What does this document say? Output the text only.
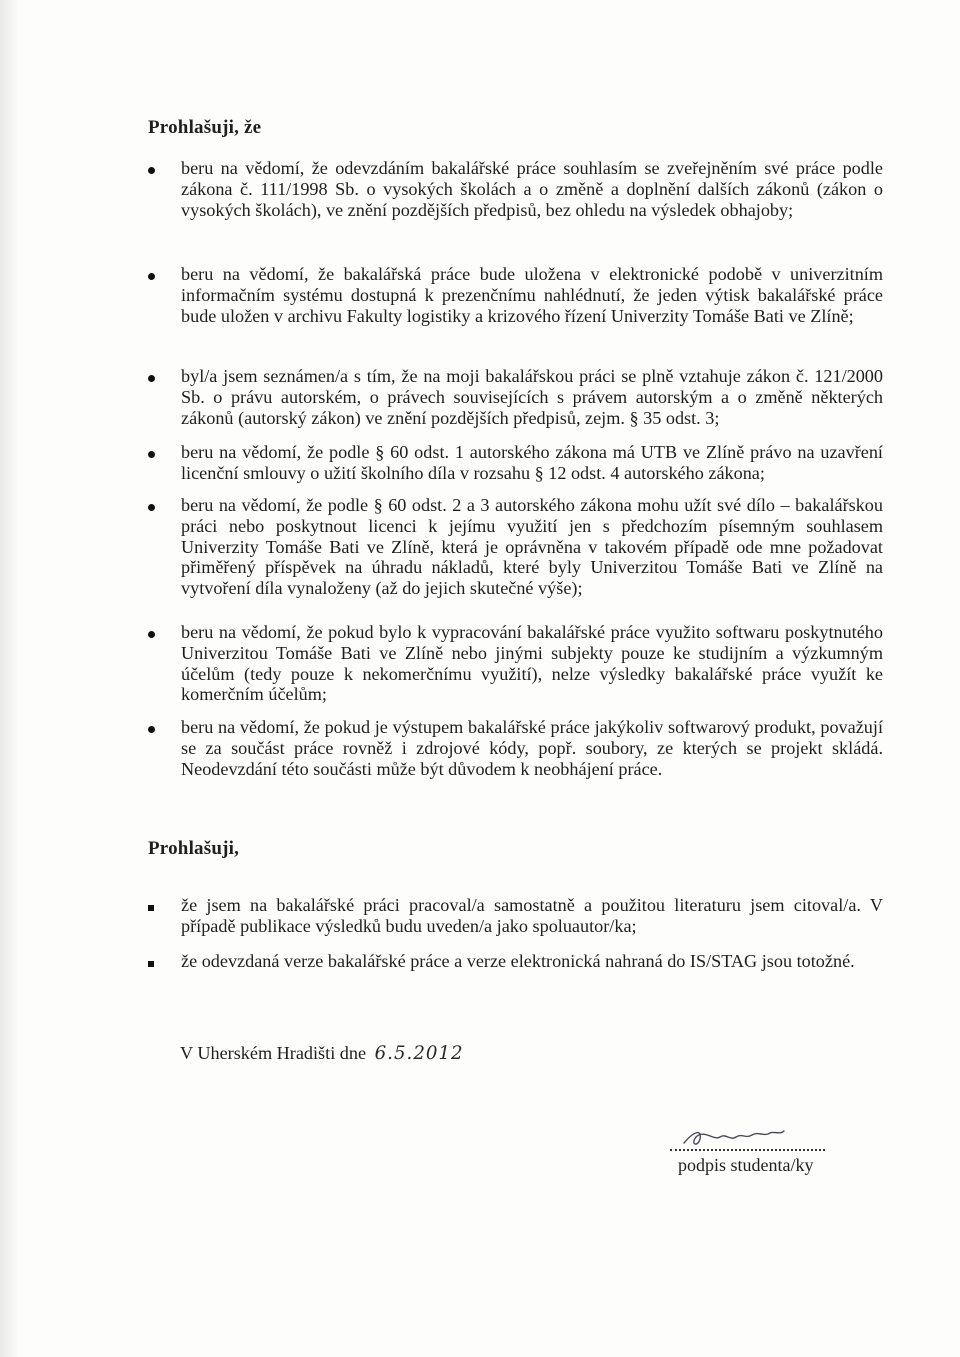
Prohlašuji, že
beru na vědomí, že odevzdáním bakalářské práce souhlasím se zveřejněním své práce podle zákona č. 111/1998 Sb. o vysokých školách a o změně a doplnění dalších zákonů (zákon o vysokých školách), ve znění pozdějších předpisů, bez ohledu na výsledek obhajoby;
beru na vědomí, že bakalářská práce bude uložena v elektronické podobě v univerzitním informačním systému dostupná k prezenčnímu nahlédnutí, že jeden výtisk bakalářské práce bude uložen v archivu Fakulty logistiky a krizového řízení Univerzity Tomáše Bati ve Zlíně;
byl/a jsem seznámen/a s tím, že na moji bakalářskou práci se plně vztahuje zákon č. 121/2000 Sb. o právu autorském, o právech souvisejících s právem autorským a o změně některých zákonů (autorský zákon) ve znění pozdějších předpisů, zejm. § 35 odst. 3;
beru na vědomí, že podle § 60 odst. 1 autorského zákona má UTB ve Zlíně právo na uzavření licenční smlouvy o užití školního díla v rozsahu § 12 odst. 4 autorského zákona;
beru na vědomí, že podle § 60 odst. 2 a 3 autorského zákona mohu užít své dílo – bakalářskou práci nebo poskytnout licenci k jejímu využití jen s předchozím písemným souhlasem Univerzity Tomáše Bati ve Zlíně, která je oprávněna v takovém případě ode mne požadovat přiměřený příspěvek na úhradu nákladů, které byly Univerzitou Tomáše Bati ve Zlíně na vytvoření díla vynaloženy (až do jejich skutečné výše);
beru na vědomí, že pokud bylo k vypracování bakalářské práce využito softwaru poskytnutého Univerzitou Tomáše Bati ve Zlíně nebo jinými subjekty pouze ke studijním a výzkumným účelům (tedy pouze k nekomerčnímu využití), nelze výsledky bakalářské práce využít ke komerčním účelům;
beru na vědomí, že pokud je výstupem bakalářské práce jakýkoliv softwarový produkt, považují se za součást práce rovněž i zdrojové kódy, popř. soubory, ze kterých se projekt skládá. Neodevzdání této součásti může být důvodem k neobhájení práce.
Prohlašuji,
že jsem na bakalářské práci pracoval/a samostatně a použitou literaturu jsem citoval/a. V případě publikace výsledků budu uveden/a jako spoluautor/ka;
že odevzdaná verze bakalářské práce a verze elektronická nahraná do IS/STAG jsou totožné.
V Uherském Hradišti dne 6.5.2012
podpis studenta/ky
